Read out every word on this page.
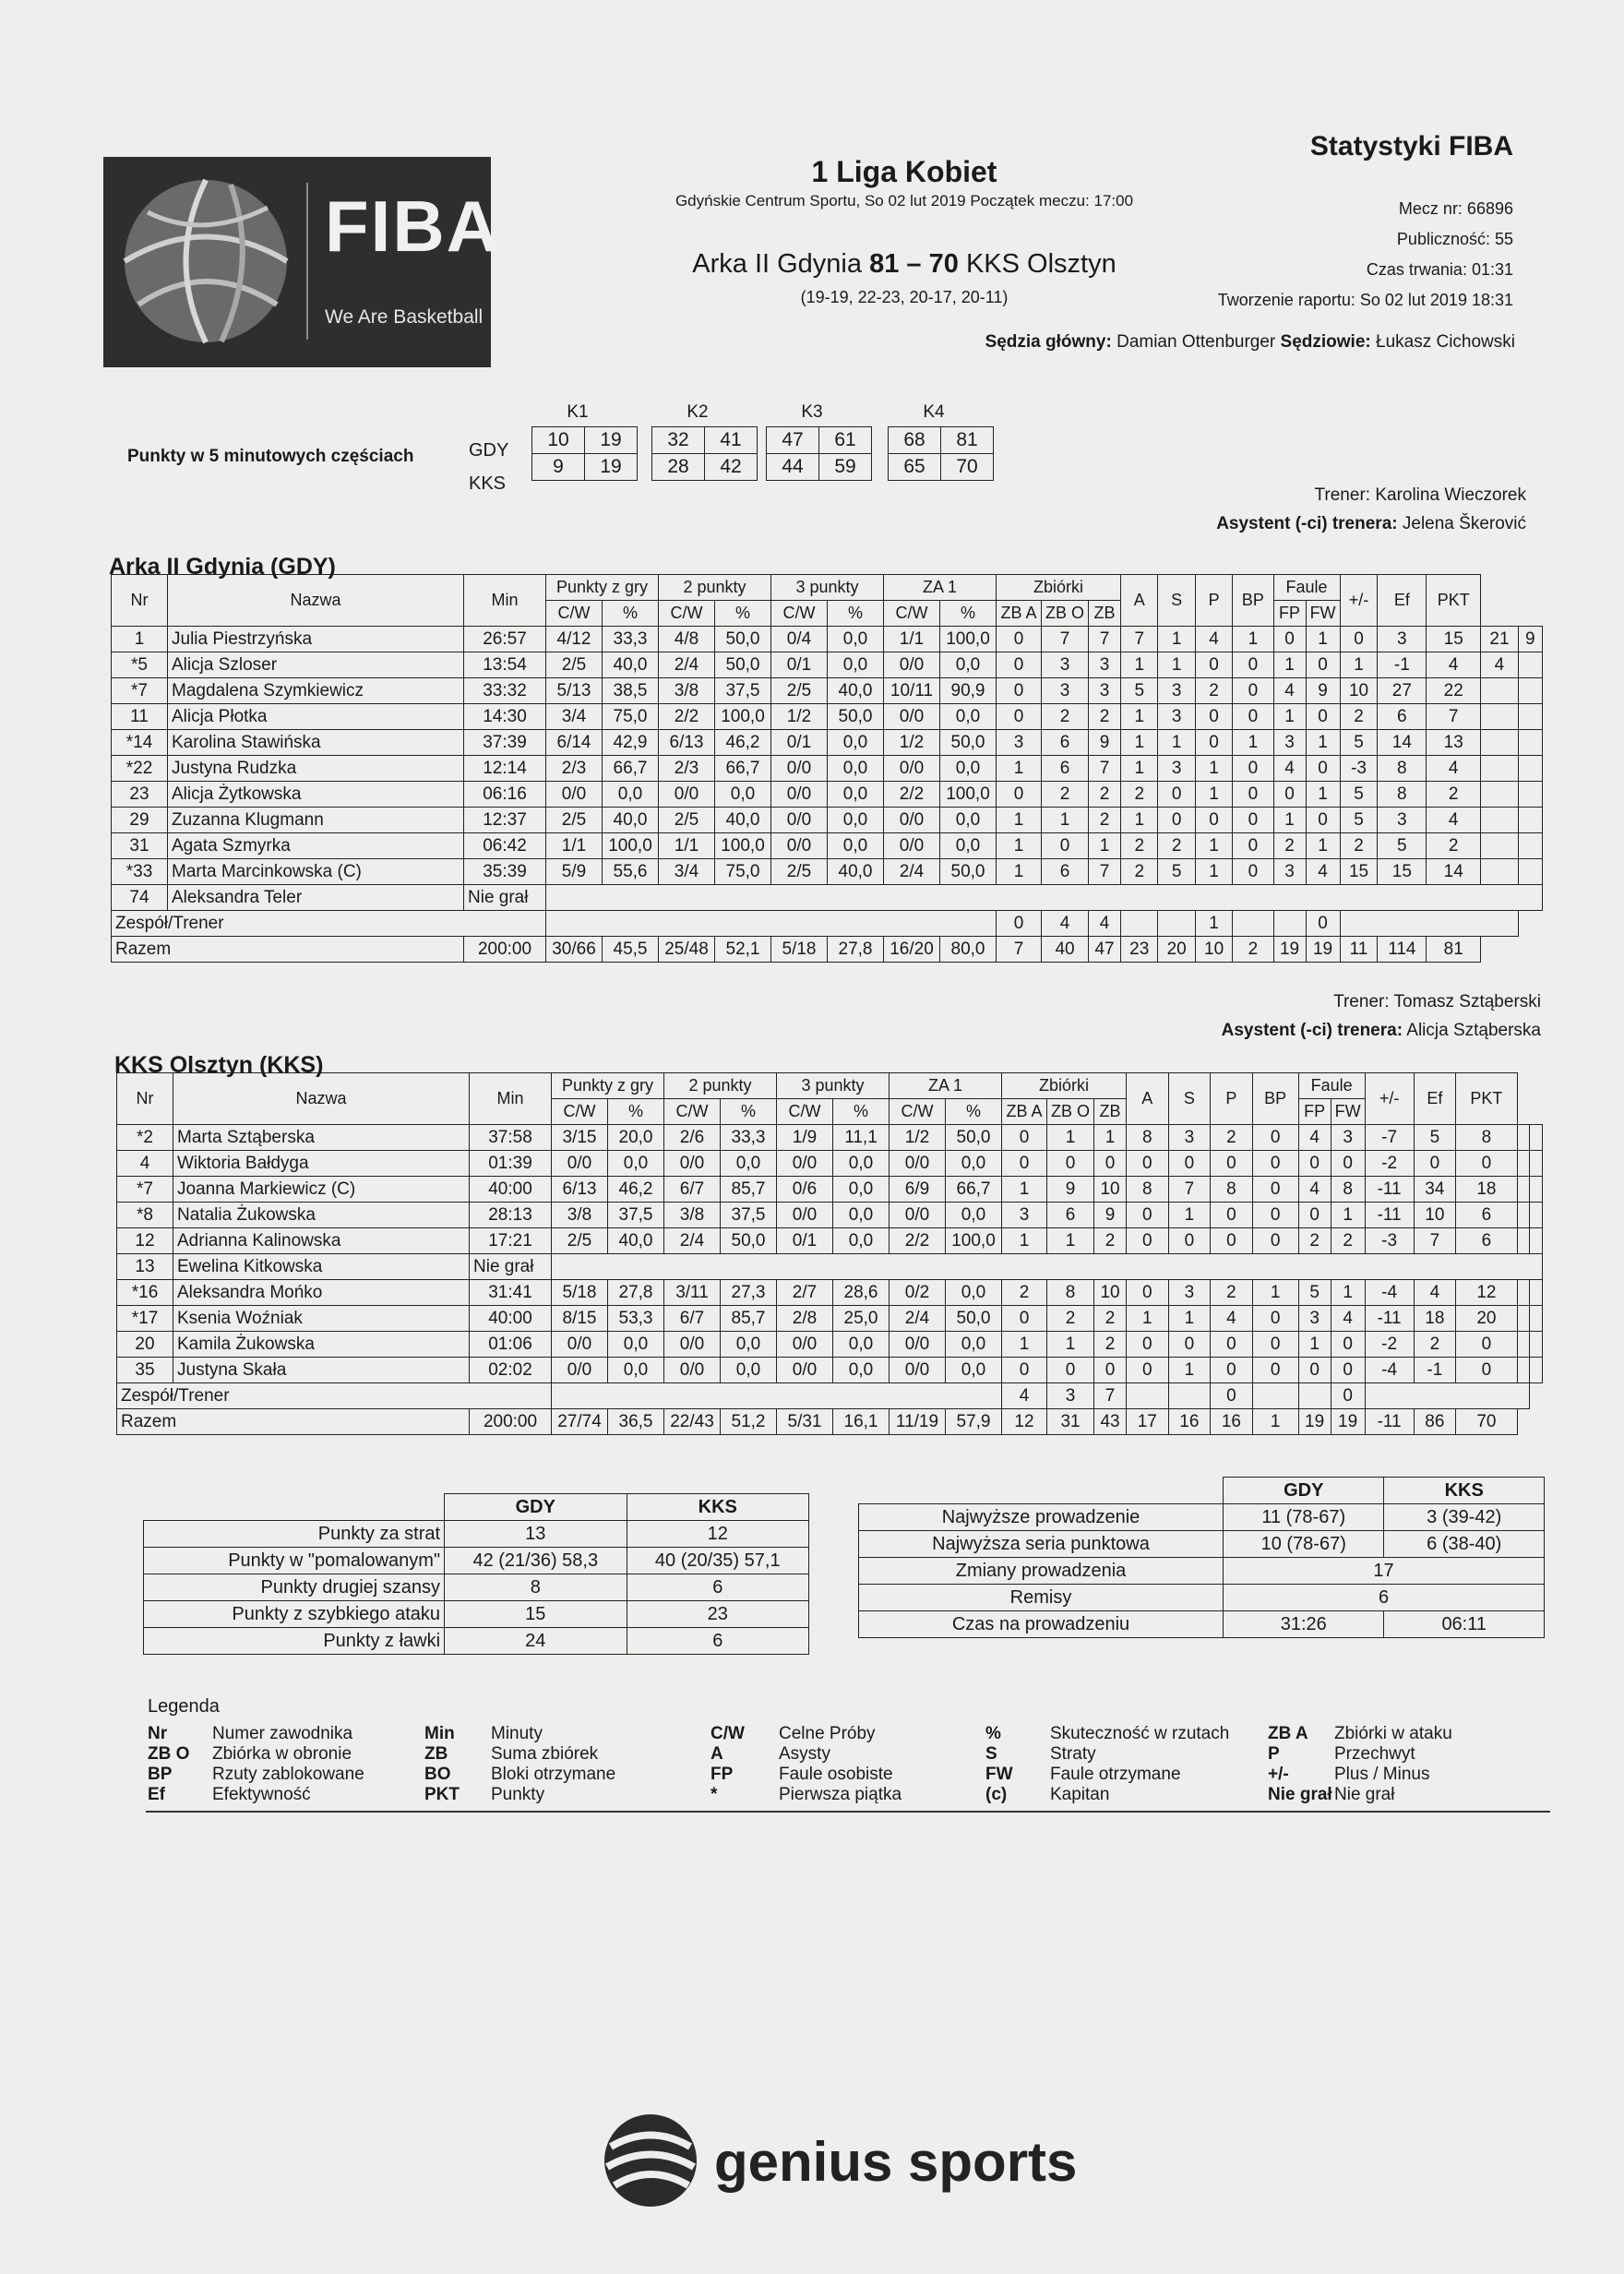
FIBA
We Are Basketball
1 Liga Kobiet
Gdyńskie Centrum Sportu, So 02 lut 2019 Początek meczu: 17:00
Arka II Gdynia 81 – 70 KKS Olsztyn
(19-19, 22-23, 20-17, 20-11)
Statystyki FIBA
Mecz nr: 66896
Publiczność: 55
Czas trwania: 01:31
Tworzenie raportu: So 02 lut 2019 18:31
Sędzia główny: Damian Ottenburger Sędziowie: Łukasz Cichowski
Punkty w 5 minutowych częściach	GDY
KKS
K1
10	19
9	19
K2
32	41
28	42
K3
47	61
44	59
K4
68	81
65	70
Trener: Karolina Wieczorek
Asystent (-ci) trenera: Jelena Škerović
Arka II Gdynia (GDY)
Nr	Nazwa	Min	Punkty z gry		2 punkty		3 punkty		ZA 1		Zbiórki			A	S	P	BP	Faule		+/-	Ef	PKT		
			C/W	%	C/W	%	C/W	%	C/W	%	ZB A	ZB O	ZB					FP	FW					
1	Julia Piestrzyńska	26:57	4/12	33,3	4/8	50,0	0/4	0,0	1/1	100,0	0	7	7	7	1	4	1	0	1	0	3	15	21	9
*5	Alicja Szloser	13:54	2/5	40,0	2/4	50,0	0/1	0,0	0/0	0,0	0	3	3	1	1	0	0	1	0	1	-1	4	4	
*7	Magdalena Szymkiewicz	33:32	5/13	38,5	3/8	37,5	2/5	40,0	10/11	90,9	0	3	3	5	3	2	0	4	9	10	27	22		
11	Alicja Płotka	14:30	3/4	75,0	2/2	100,0	1/2	50,0	0/0	0,0	0	2	2	1	3	0	0	1	0	2	6	7		
*14	Karolina Stawińska	37:39	6/14	42,9	6/13	46,2	0/1	0,0	1/2	50,0	3	6	9	1	1	0	1	3	1	5	14	13		
*22	Justyna Rudzka	12:14	2/3	66,7	2/3	66,7	0/0	0,0	0/0	0,0	1	6	7	1	3	1	0	4	0	-3	8	4		
23	Alicja Żytkowska	06:16	0/0	0,0	0/0	0,0	0/0	0,0	2/2	100,0	0	2	2	2	0	1	0	0	1	5	8	2		
29	Zuzanna Klugmann	12:37	2/5	40,0	2/5	40,0	0/0	0,0	0/0	0,0	1	1	2	1	0	0	0	1	0	5	3	4		
31	Agata Szmyrka	06:42	1/1	100,0	1/1	100,0	0/0	0,0	0/0	0,0	1	0	1	2	2	1	0	2	1	2	5	2		
*33	Marta Marcinkowska (C)	35:39	5/9	55,6	3/4	75,0	2/5	40,0	2/4	50,0	1	6	7	2	5	1	0	3	4	15	15	14		
74	Aleksandra Teler	Nie grał																						
Zespół/Trener											0	4	4			1			0					
Razem		200:00	30/66	45,5	25/48	52,1	5/18	27,8	16/20	80,0	7	40	47	23	20	10	2	19	19	11	114	81		
Trener: Tomasz Sztąberski
Asystent (-ci) trenera: Alicja Sztąberska
KKS Olsztyn (KKS)
Nr	Nazwa	Min	Punkty z gry		2 punkty		3 punkty		ZA 1		Zbiórki			A	S	P	BP	Faule		+/-	Ef	PKT		
			C/W	%	C/W	%	C/W	%	C/W	%	ZB A	ZB O	ZB					FP	FW					
*2	Marta Sztąberska	37:58	3/15	20,0	2/6	33,3	1/9	11,1	1/2	50,0	0	1	1	8	3	2	0	4	3	-7	5	8		
4	Wiktoria Bałdyga	01:39	0/0	0,0	0/0	0,0	0/0	0,0	0/0	0,0	0	0	0	0	0	0	0	0	0	-2	0	0		
*7	Joanna Markiewicz (C)	40:00	6/13	46,2	6/7	85,7	0/6	0,0	6/9	66,7	1	9	10	8	7	8	0	4	8	-11	34	18		
*8	Natalia Żukowska	28:13	3/8	37,5	3/8	37,5	0/0	0,0	0/0	0,0	3	6	9	0	1	0	0	0	1	-11	10	6		
12	Adrianna Kalinowska	17:21	2/5	40,0	2/4	50,0	0/1	0,0	2/2	100,0	1	1	2	0	0	0	0	2	2	-3	7	6		
13	Ewelina Kitkowska	Nie grał																						
*16	Aleksandra Mońko	31:41	5/18	27,8	3/11	27,3	2/7	28,6	0/2	0,0	2	8	10	0	3	2	1	5	1	-4	4	12		
*17	Ksenia Woźniak	40:00	8/15	53,3	6/7	85,7	2/8	25,0	2/4	50,0	0	2	2	1	1	4	0	3	4	-11	18	20		
20	Kamila Żukowska	01:06	0/0	0,0	0/0	0,0	0/0	0,0	0/0	0,0	1	1	2	0	0	0	0	1	0	-2	2	0		
35	Justyna Skała	02:02	0/0	0,0	0/0	0,0	0/0	0,0	0/0	0,0	0	0	0	0	1	0	0	0	0	-4	-1	0		
Zespół/Trener											4	3	7			0			0					
Razem		200:00	27/74	36,5	22/43	51,2	5/31	16,1	11/19	57,9	12	31	43	17	16	16	1	19	19	-11	86	70		
	GDY	KKS
Punkty za strat	13	12
Punkty w "pomalowanym"	42 (21/36) 58,3	40 (20/35) 57,1
Punkty drugiej szansy	8	6
Punkty z szybkiego ataku	15	23
Punkty z ławki	24	6
	GDY	KKS
Najwyższe prowadzenie	11 (78-67)	3 (39-42)
Najwyższa seria punktowa	10 (78-67)	6 (38-40)
Zmiany prowadzenia	17	
Remisy	6	
Czas na prowadzeniu	31:26	06:11
Legenda
Nr	Numer zawodnika
ZB O Zbiórka w obronie
BP Rzuty zablokowane
Ef	Efektywność
Min Minuty
ZB Suma zbiórek
BO Bloki otrzymane
PKT Punkty
C/W Celne Próby
A	Asysty
FP	Faule osobiste
*	Pierwsza piątka
%	Skuteczność w rzutach
S	Straty
FW Faule otrzymane
(c) Kapitan
ZB A Zbiórki w ataku
P	Przechwyt
+/-	Plus / Minus
Nie grał Nie grał
genius sports
